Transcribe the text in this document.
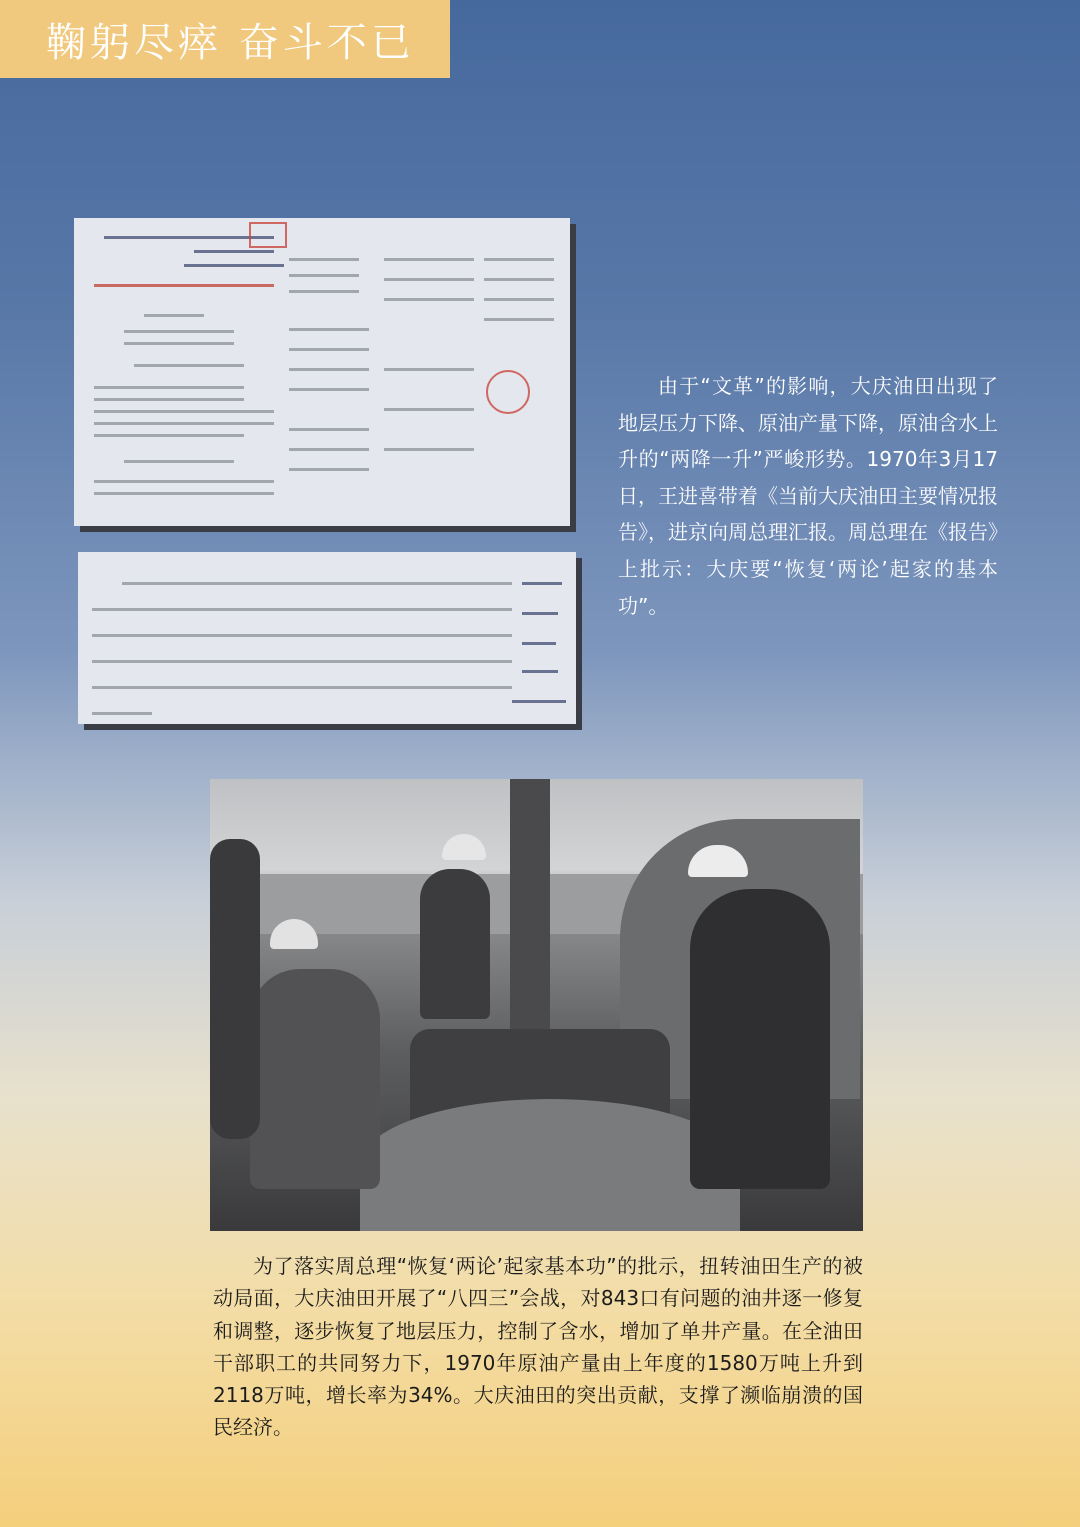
鞠躬尽瘁 奋斗不已

由于“文革”的影响，大庆油田出现了地层压力下降、原油产量下降，原油含水上升的“两降一升”严峻形势。1970年3月17日，王进喜带着《当前大庆油田主要情况报告》，进京向周总理汇报。周总理在《报告》上批示：大庆要“恢复‘两论’起家的基本功”。

为了落实周总理“恢复‘两论’起家基本功”的批示，扭转油田生产的被动局面，大庆油田开展了“八四三”会战，对843口有问题的油井逐一修复和调整，逐步恢复了地层压力，控制了含水，增加了单井产量。在全油田干部职工的共同努力下，1970年原油产量由上年度的1580万吨上升到2118万吨，增长率为34%。大庆油田的突出贡献，支撑了濒临崩溃的国民经济。
